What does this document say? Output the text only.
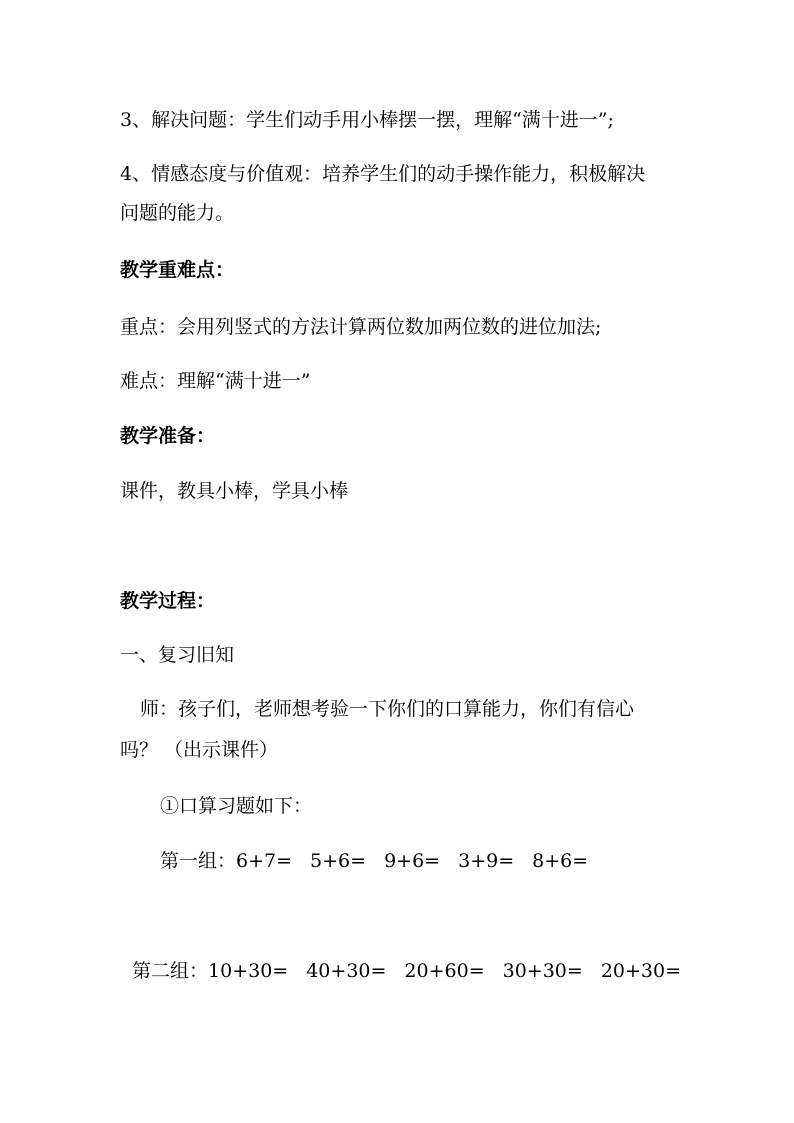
3、解决问题：学生们动手用小棒摆一摆，理解“满十进一”;
4、情感态度与价值观：培养学生们的动手操作能力，积极解决
问题的能力。
教学重难点：
重点：会用列竖式的方法计算两位数加两位数的进位加法;
难点：理解“满十进一”
教学准备：
课件，教具小棒，学具小棒
教学过程：
一、复习旧知
师：孩子们，老师想考验一下你们的口算能力，你们有信心
吗？ （出示课件）
①口算习题如下：
第一组：6+7= 5+6= 9+6= 3+9= 8+6=
第二组：10+30= 40+30= 20+60= 30+30= 20+30=
